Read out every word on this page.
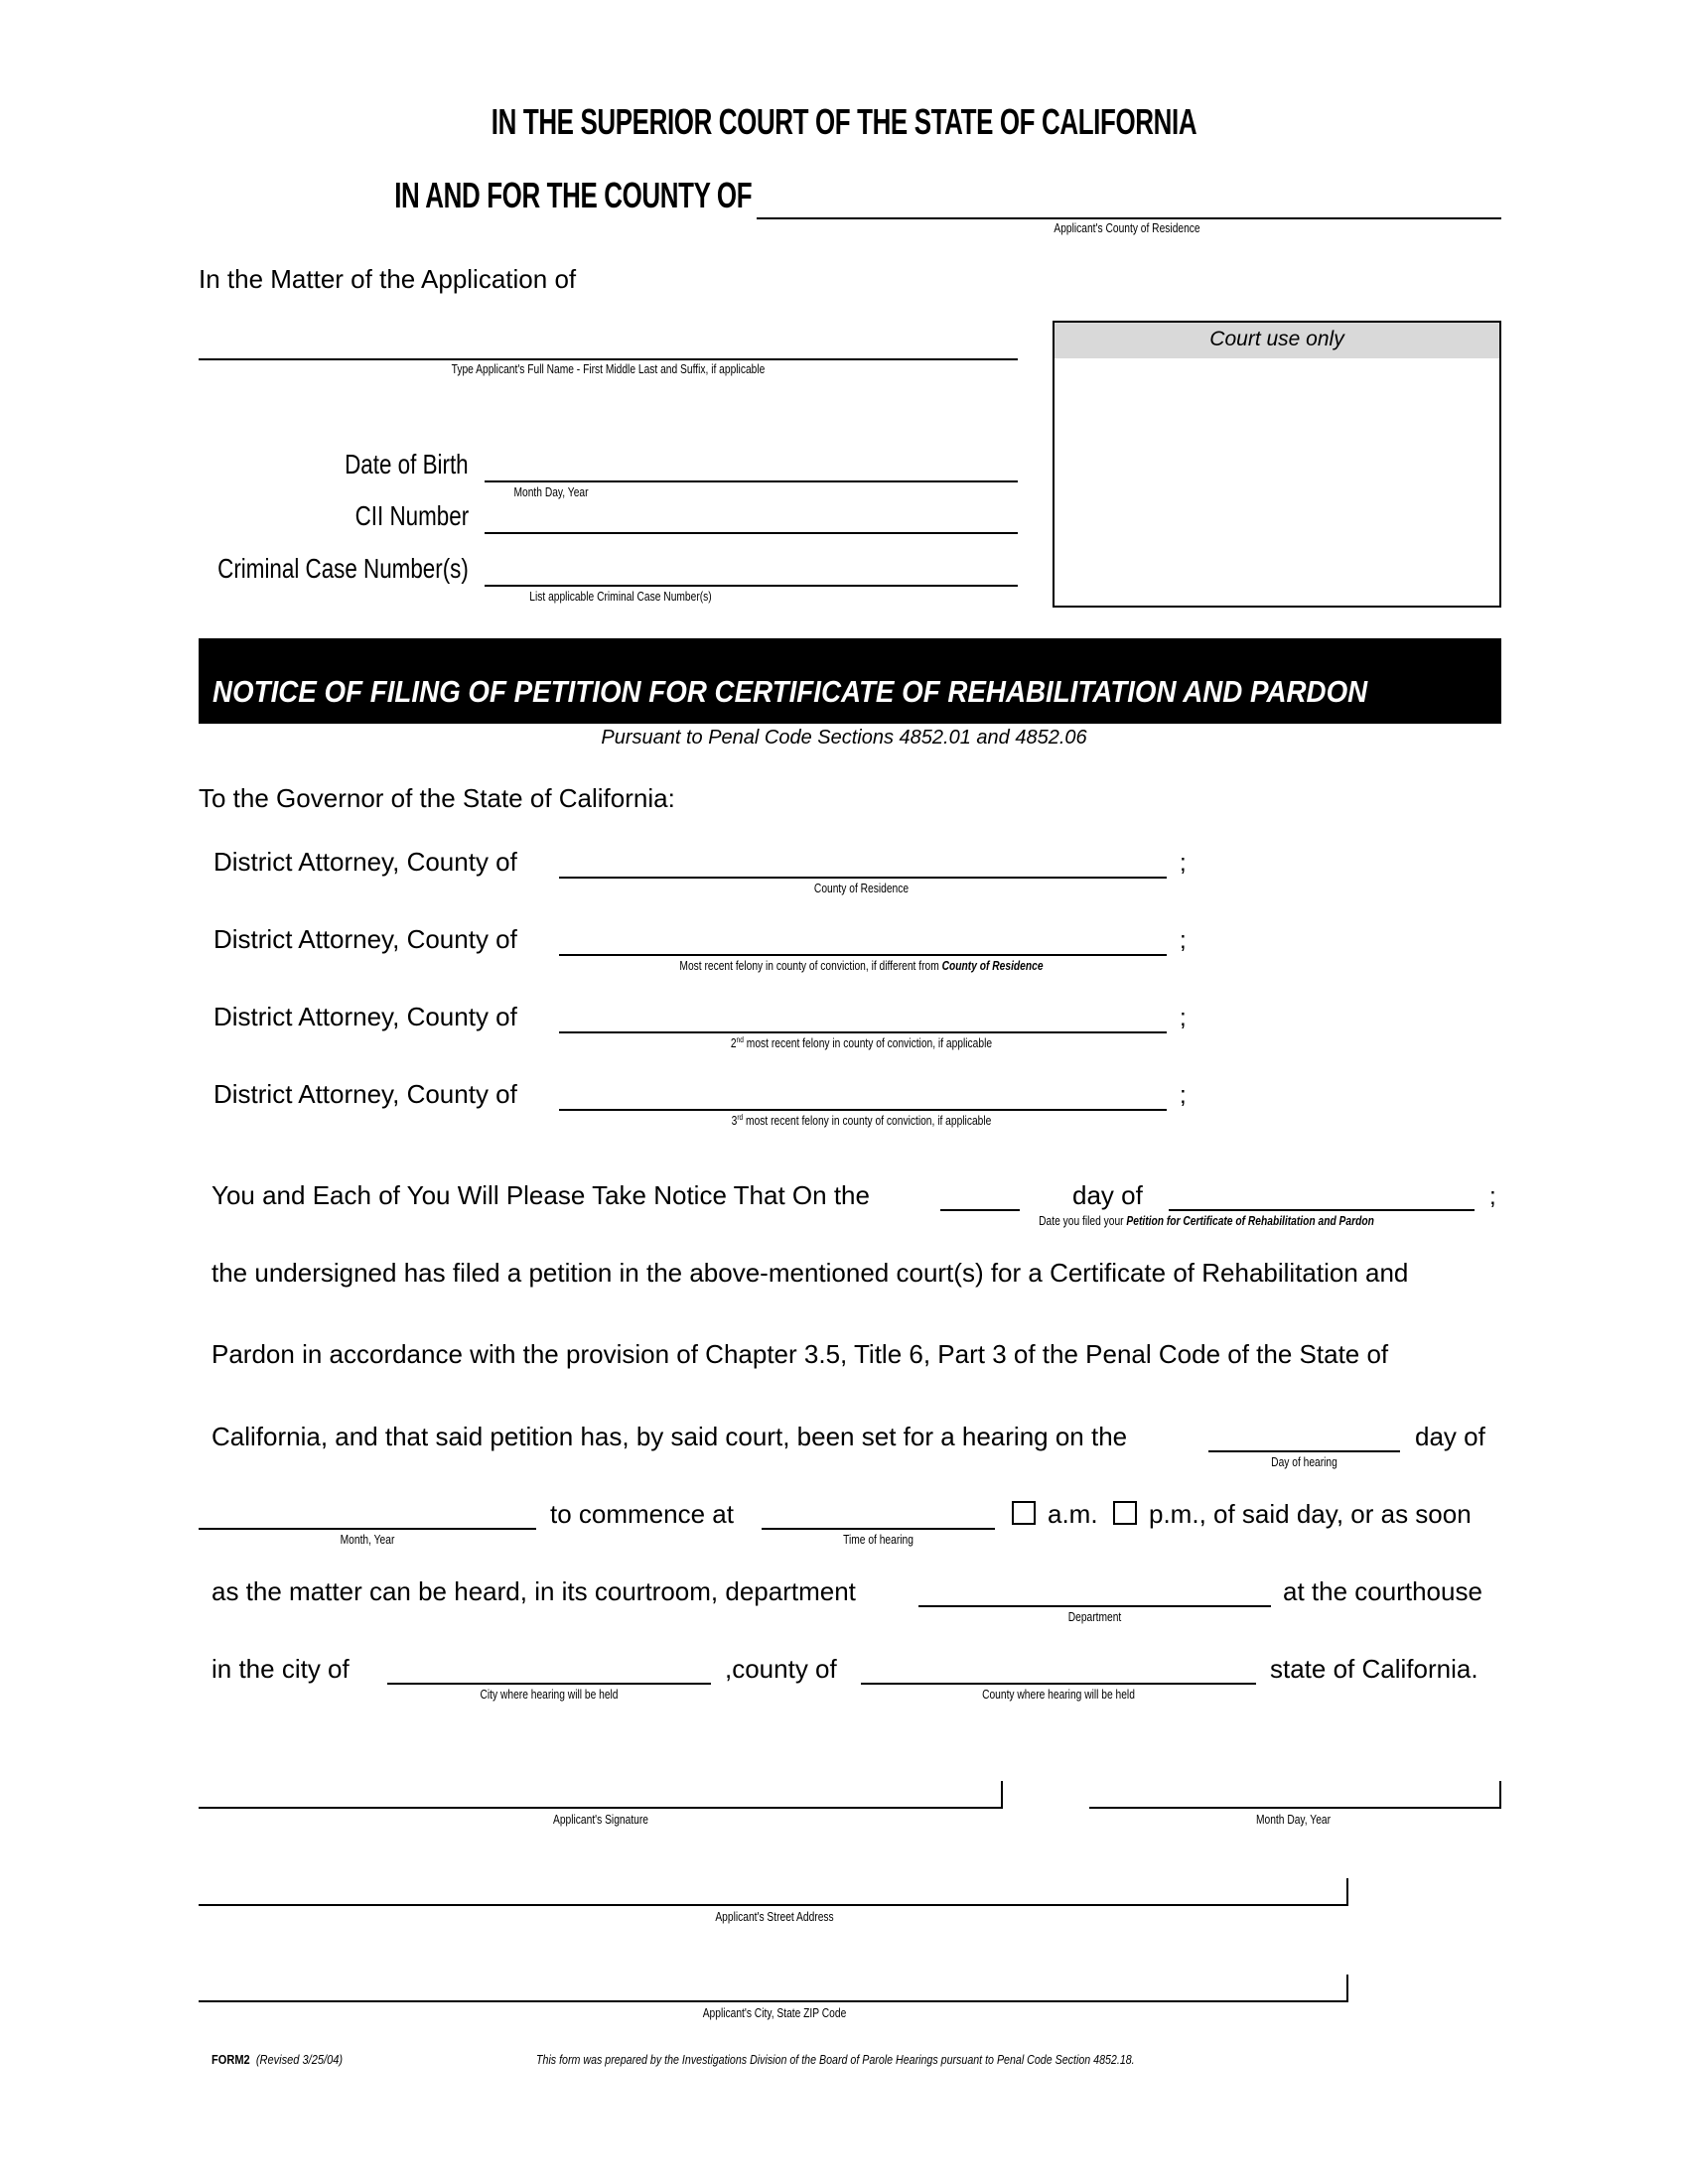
IN THE SUPERIOR COURT OF THE STATE OF CALIFORNIA
IN AND FOR THE COUNTY OF
Applicant's County of Residence
In the Matter of the Application of
Type Applicant's Full Name - First Middle Last and Suffix, if applicable
Date of Birth
Month Day, Year
CII Number
Criminal Case Number(s)
List applicable Criminal Case Number(s)
Court use only
NOTICE OF FILING OF PETITION FOR CERTIFICATE OF REHABILITATION AND PARDON
Pursuant to Penal Code Sections 4852.01 and 4852.06
To the Governor of the State of California:
District Attorney, County of	;
County of Residence
District Attorney, County of	;
Most recent felony in county of conviction, if different from County of Residence
District Attorney, County of	;
2nd most recent felony in county of conviction, if applicable
District Attorney, County of	;
3rd most recent felony in county of conviction, if applicable
You and Each of You Will Please Take Notice That On the	day of	;
Date you filed your Petition for Certificate of Rehabilitation and Pardon
the undersigned has filed a petition in the above-mentioned court(s) for a Certificate of Rehabilitation and
Pardon in accordance with the provision of Chapter 3.5, Title 6, Part 3 of the Penal Code of the State of
California, and that said petition has, by said court, been set for a hearing on the	day of
Day of hearing
Month, Year
to commence at
Time of hearing
a.m. p.m., of said day, or as soon
as the matter can be heard, in its courtroom, department
Department
at the courthouse
in the city of
City where hearing will be held
,county of
County where hearing will be held
state of California.
Applicant's Signature	Month Day, Year
Applicant's Street Address
Applicant's City, State ZIP Code
FORM2 (Revised 3/25/04)	This form was prepared by the Investigations Division of the Board of Parole Hearings pursuant to Penal Code Section 4852.18.
